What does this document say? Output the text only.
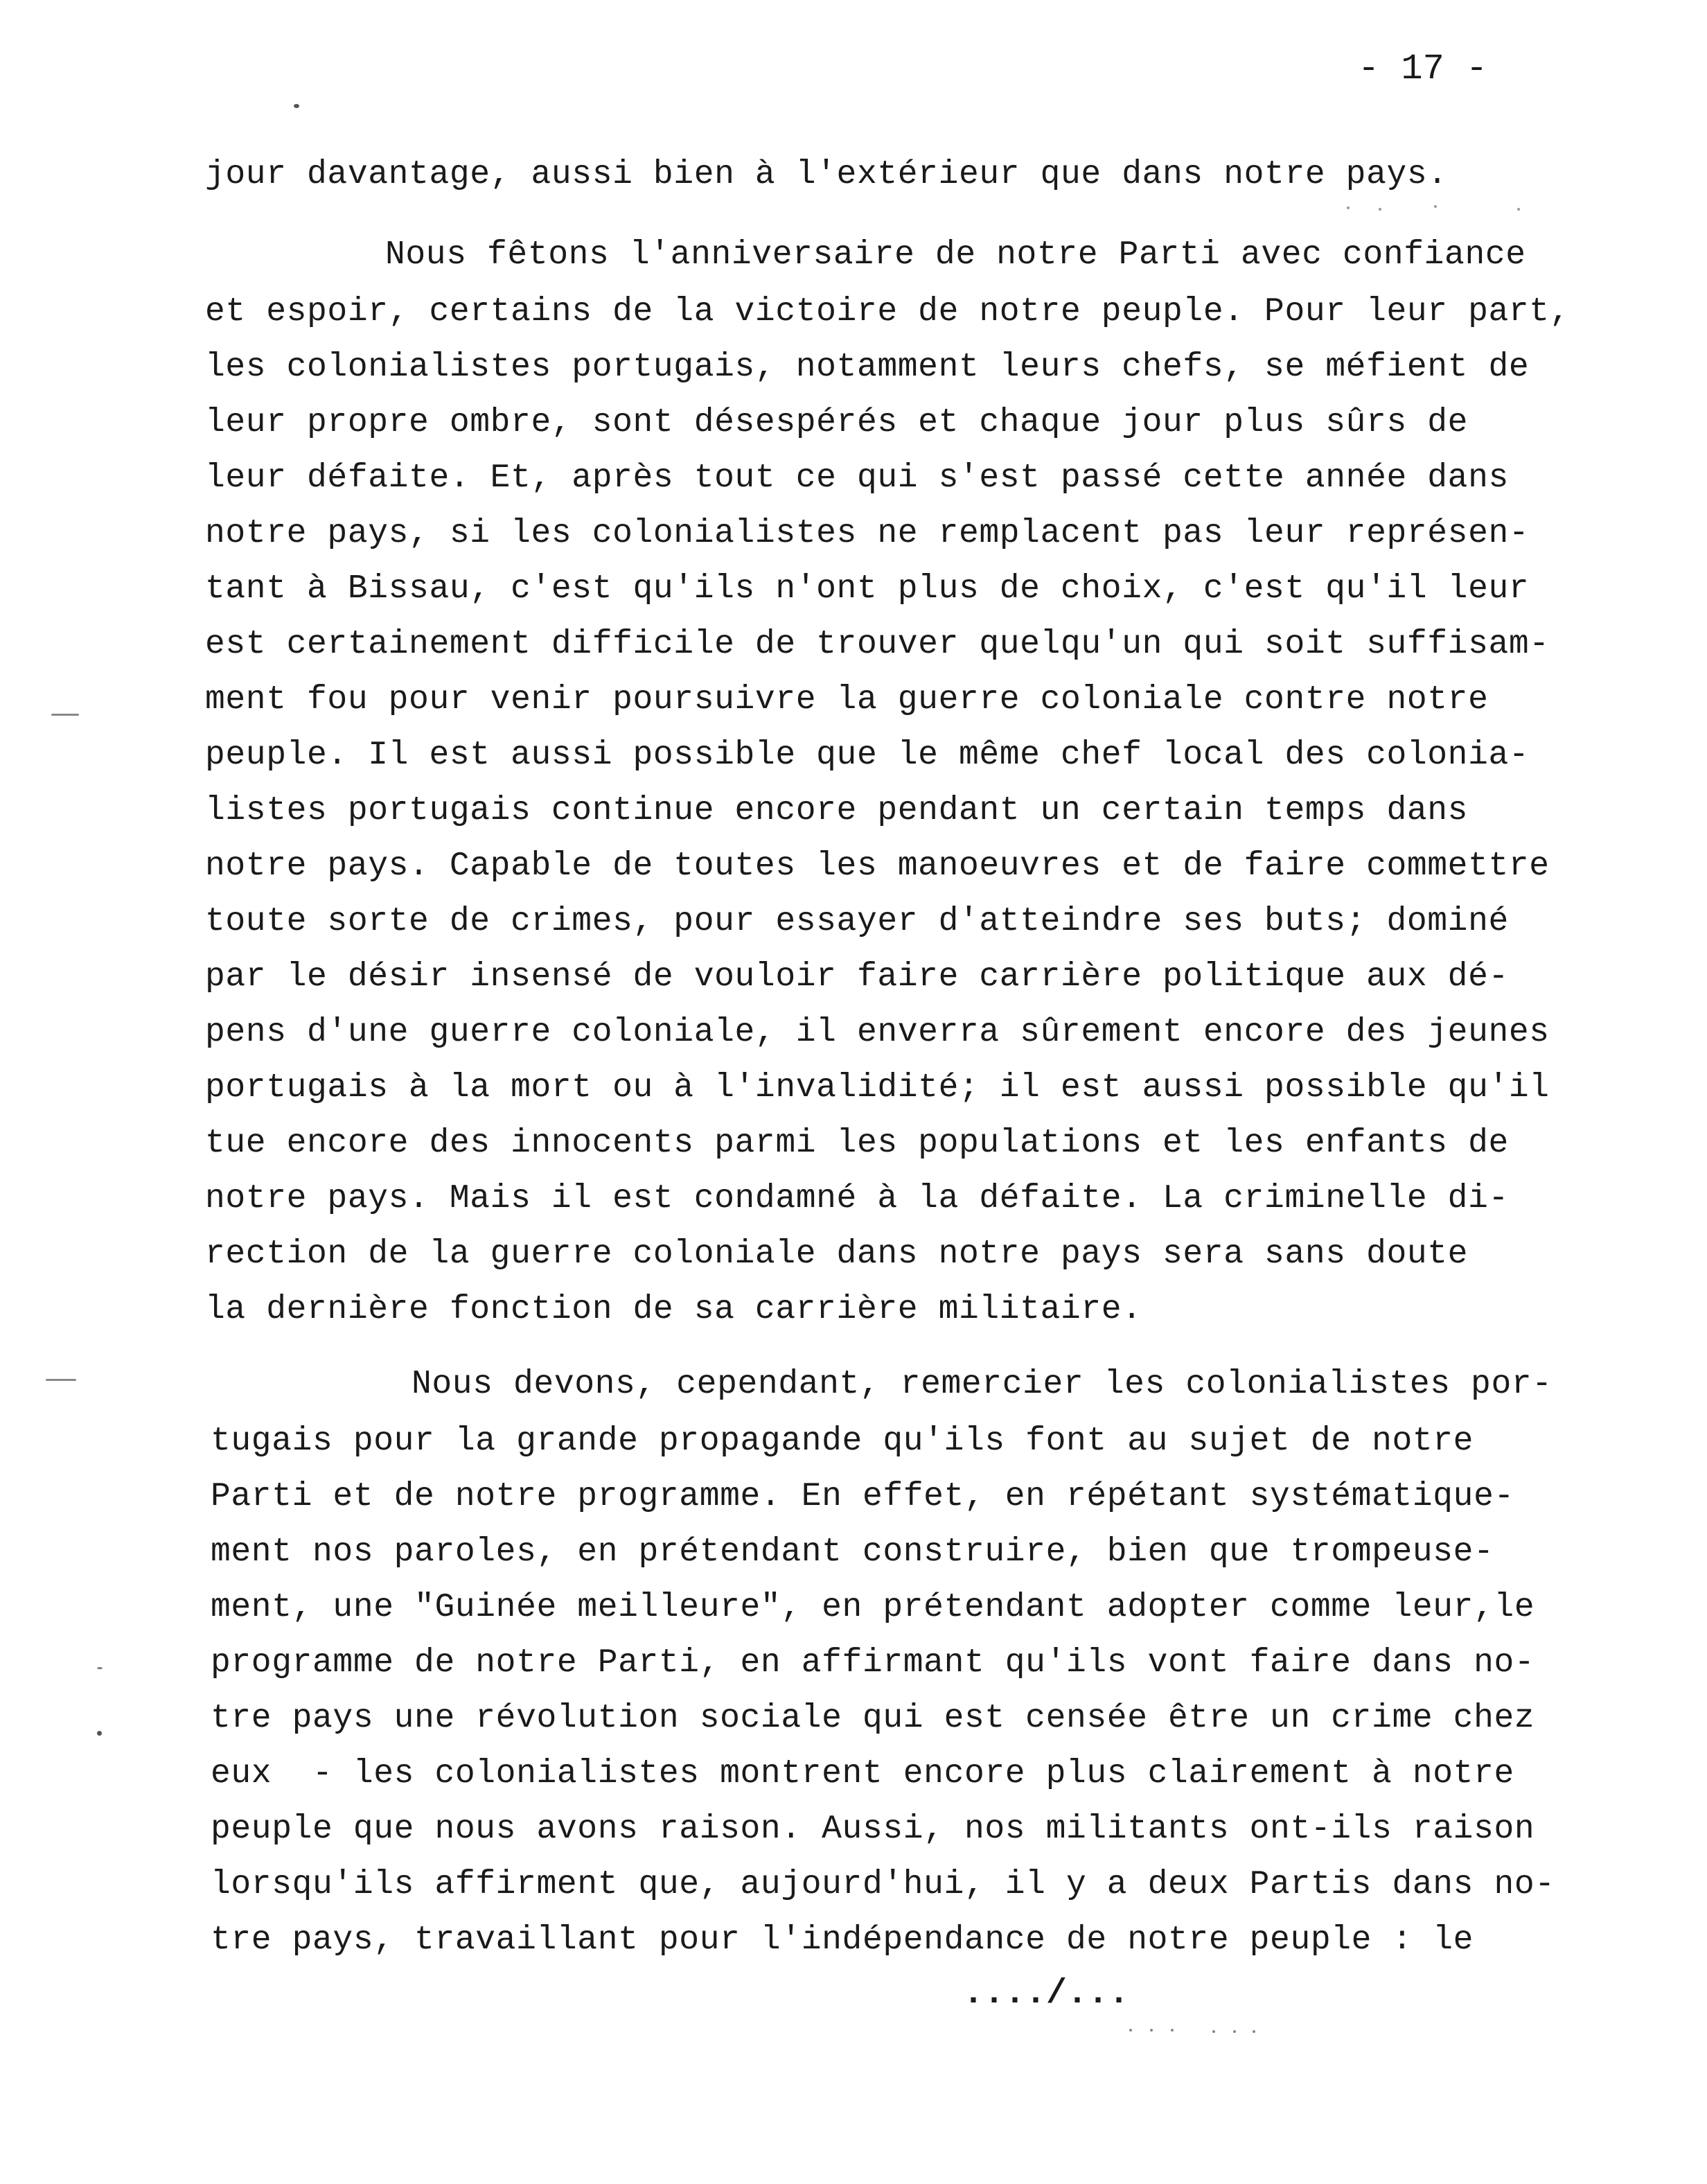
- 17 -
jour davantage, aussi bien à l'extérieur que dans notre pays.
Nous fêtons l'anniversaire de notre Parti avec confiance
et espoir, certains de la victoire de notre peuple. Pour leur part,
les colonialistes portugais, notamment leurs chefs, se méfient de
leur propre ombre, sont désespérés et chaque jour plus sûrs de
leur défaite. Et, après tout ce qui s'est passé cette année dans
notre pays, si les colonialistes ne remplacent pas leur représen-
tant à Bissau, c'est qu'ils n'ont plus de choix, c'est qu'il leur
est certainement difficile de trouver quelqu'un qui soit suffisam-
ment fou pour venir poursuivre la guerre coloniale contre notre
peuple. Il est aussi possible que le même chef local des colonia-
listes portugais continue encore pendant un certain temps dans
notre pays. Capable de toutes les manoeuvres et de faire commettre
toute sorte de crimes, pour essayer d'atteindre ses buts; dominé
par le désir insensé de vouloir faire carrière politique aux dé-
pens d'une guerre coloniale, il enverra sûrement encore des jeunes
portugais à la mort ou à l'invalidité; il est aussi possible qu'il
tue encore des innocents parmi les populations et les enfants de
notre pays. Mais il est condamné à la défaite. La criminelle di-
rection de la guerre coloniale dans notre pays sera sans doute
la dernière fonction de sa carrière militaire.
Nous devons, cependant, remercier les colonialistes por-
tugais pour la grande propagande qu'ils font au sujet de notre
Parti et de notre programme. En effet, en répétant systématique-
ment nos paroles, en prétendant construire, bien que trompeuse-
ment, une "Guinée meilleure", en prétendant adopter comme leur,le
programme de notre Parti, en affirmant qu'ils vont faire dans no-
tre pays une révolution sociale qui est censée être un crime chez
eux  - les colonialistes montrent encore plus clairement à notre
peuple que nous avons raison. Aussi, nos militants ont-ils raison
lorsqu'ils affirment que, aujourd'hui, il y a deux Partis dans no-
tre pays, travaillant pour l'indépendance de notre peuple : le
..../...
